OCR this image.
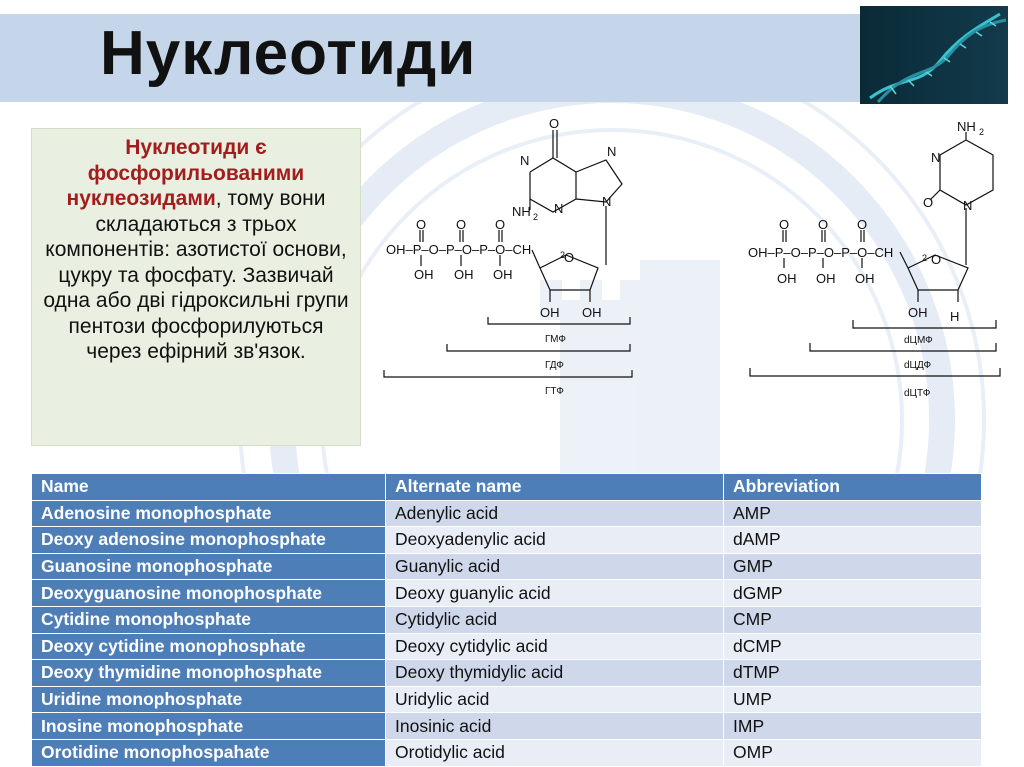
Нуклеотиди
Нуклеотиди є фосфорильованими нуклеозидами, тому вони складаються з трьох компонентів: азотистої основи, цукру та фосфату. Зазвичай одна або дві гідроксильні групи пентози фосфорилуються через ефірний зв'язок.
O
N
N
N	N
NH 2
O O O
OH–P–O–P–O–P–O–CH	2
OH OH OH
O
OH OH
ГМФ
ГДФ
ГТФ
NH 2
N
N
O
O O O
OH–P–O–P–O–P–O–CH	2
OH OH OH
O
OH H
dЦМФ
dЦДФ
dЦТФ
Name	Alternate name	Abbreviation
Adenosine monophosphate	Adenylic acid	AMP
Deoxy adenosine monophosphate	Deoxyadenylic acid	dAMP
Guanosine monophosphate	Guanylic acid	GMP
Deoxyguanosine monophosphate	Deoxy guanylic acid	dGMP
Cytidine monophosphate	Cytidylic acid	CMP
Deoxy cytidine monophosphate	Deoxy cytidylic acid	dCMP
Deoxy thymidine monophosphate	Deoxy thymidylic acid	dTMP
Uridine monophosphate	Uridylic acid	UMP
Inosine monophosphate	Inosinic acid	IMP
Orotidine monophospahate	Orotidylic acid	OMP
